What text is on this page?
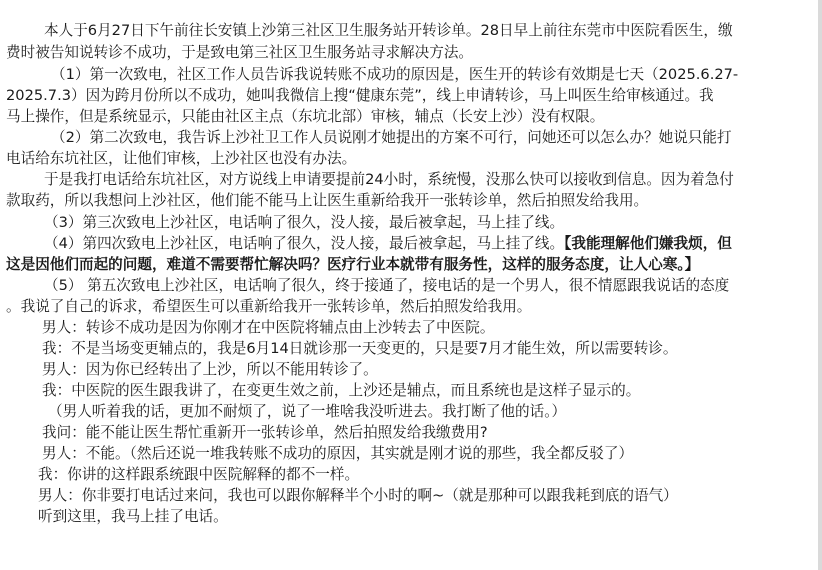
本人于6月27日下午前往长安镇上沙第三社区卫生服务站开转诊单。28日早上前往东莞市中医院看医生，缴
费时被告知说转诊不成功，于是致电第三社区卫生服务站寻求解决方法。
（1）第一次致电，社区工作人员告诉我说转账不成功的原因是，医生开的转诊有效期是七天（2025.6.27-
2025.7.3）因为跨月份所以不成功，她叫我微信上搜“健康东莞”，线上申请转诊，马上叫医生给审核通过。我
马上操作，但是系统显示，只能由社区主点（东坑北部）审核，辅点（长安上沙）没有权限。
（2）第二次致电，我告诉上沙社卫工作人员说刚才她提出的方案不可行，问她还可以怎么办？她说只能打
电话给东坑社区，让他们审核，上沙社区也没有办法。
于是我打电话给东坑社区，对方说线上申请要提前24小时，系统慢，没那么快可以接收到信息。因为着急付
款取药，所以我想问上沙社区，他们能不能马上让医生重新给我开一张转诊单，然后拍照发给我用。
（3）第三次致电上沙社区，电话响了很久，没人接，最后被拿起，马上挂了线。
（4）第四次致电上沙社区，电话响了很久，没人接，最后被拿起，马上挂了线。【我能理解他们嫌我烦，但
这是因他们而起的问题，难道不需要帮忙解决吗？医疗行业本就带有服务性，这样的服务态度，让人心寒。】
（5） 第五次致电上沙社区，电话响了很久，终于接通了，接电话的是一个男人，很不情愿跟我说话的态度
。我说了自己的诉求，希望医生可以重新给我开一张转诊单，然后拍照发给我用。
男人：转诊不成功是因为你刚才在中医院将辅点由上沙转去了中医院。
我：不是当场变更辅点的，我是6月14日就诊那一天变更的，只是要7月才能生效，所以需要转诊。
男人：因为你已经转出了上沙，所以不能用转诊了。
我：中医院的医生跟我讲了，在变更生效之前，上沙还是辅点，而且系统也是这样子显示的。
（男人听着我的话，更加不耐烦了，说了一堆啥我没听进去。我打断了他的话。）
我问：能不能让医生帮忙重新开一张转诊单，然后拍照发给我缴费用?
男人：不能。（然后还说一堆我转账不成功的原因，其实就是刚才说的那些，我全都反驳了）
我：你讲的这样跟系统跟中医院解释的都不一样。
男人：你非要打电话过来问，我也可以跟你解释半个小时的啊~（就是那种可以跟我耗到底的语气）
听到这里，我马上挂了电话。
